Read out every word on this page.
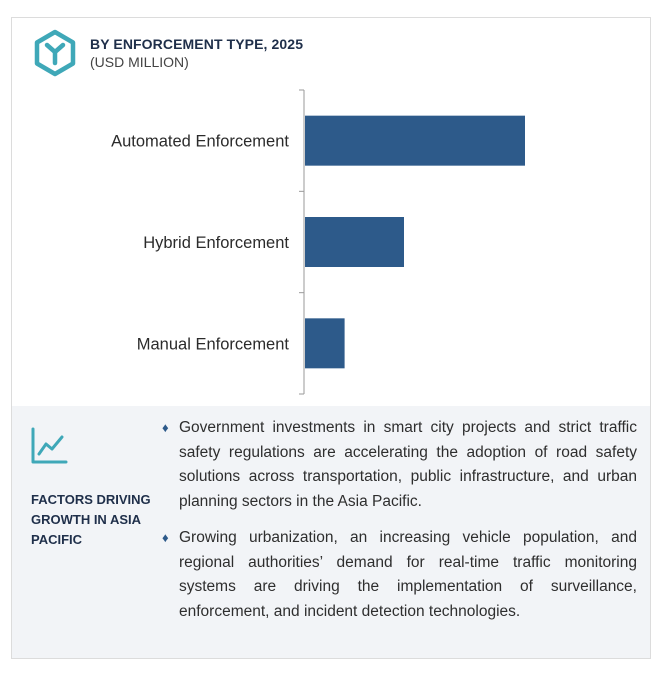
BY ENFORCEMENT TYPE, 2025
(USD MILLION)
Automated Enforcement
Hybrid Enforcement
Manual Enforcement
FACTORS DRIVING GROWTH IN ASIA PACIFIC
♦ Government investments in smart city projects and strict traffic safety regulations are accelerating the adoption of road safety solutions across transportation, public infrastructure, and urban planning sectors in the Asia Pacific.
♦ Growing urbanization, an increasing vehicle population, and regional authorities’ demand for real-time traffic monitoring systems are driving the implementation of surveillance, enforcement, and incident detection technologies.
